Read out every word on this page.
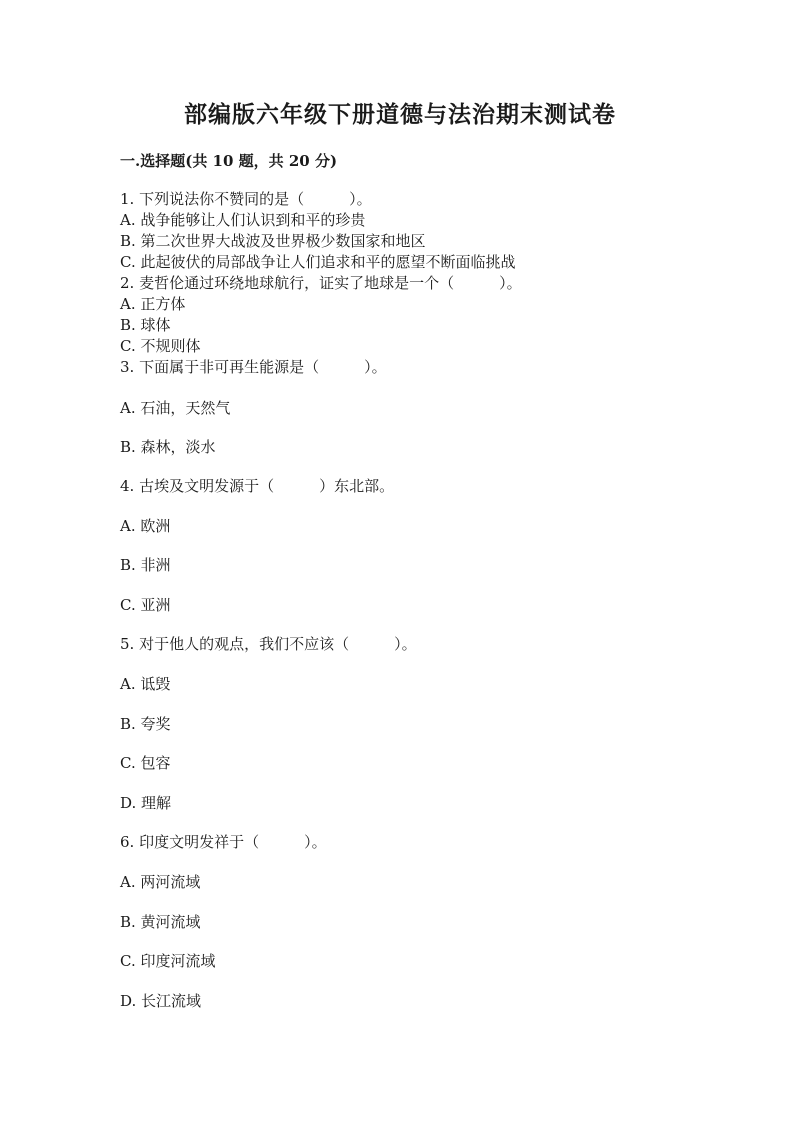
部编版六年级下册道德与法治期末测试卷
一.选择题(共 10 题，共 20 分)
1. 下列说法你不赞同的是（　　　）。
A. 战争能够让人们认识到和平的珍贵
B. 第二次世界大战波及世界极少数国家和地区
C. 此起彼伏的局部战争让人们追求和平的愿望不断面临挑战
2. 麦哲伦通过环绕地球航行，证实了地球是一个（　　　）。
A. 正方体
B. 球体
C. 不规则体
3. 下面属于非可再生能源是（　　　）。
A. 石油，天然气
B. 森林，淡水
4. 古埃及文明发源于（　　　）东北部。
A. 欧洲
B. 非洲
C. 亚洲
5. 对于他人的观点，我们不应该（　　　）。
A. 诋毁
B. 夸奖
C. 包容
D. 理解
6. 印度文明发祥于（　　　）。
A. 两河流域
B. 黄河流域
C. 印度河流域
D. 长江流域
